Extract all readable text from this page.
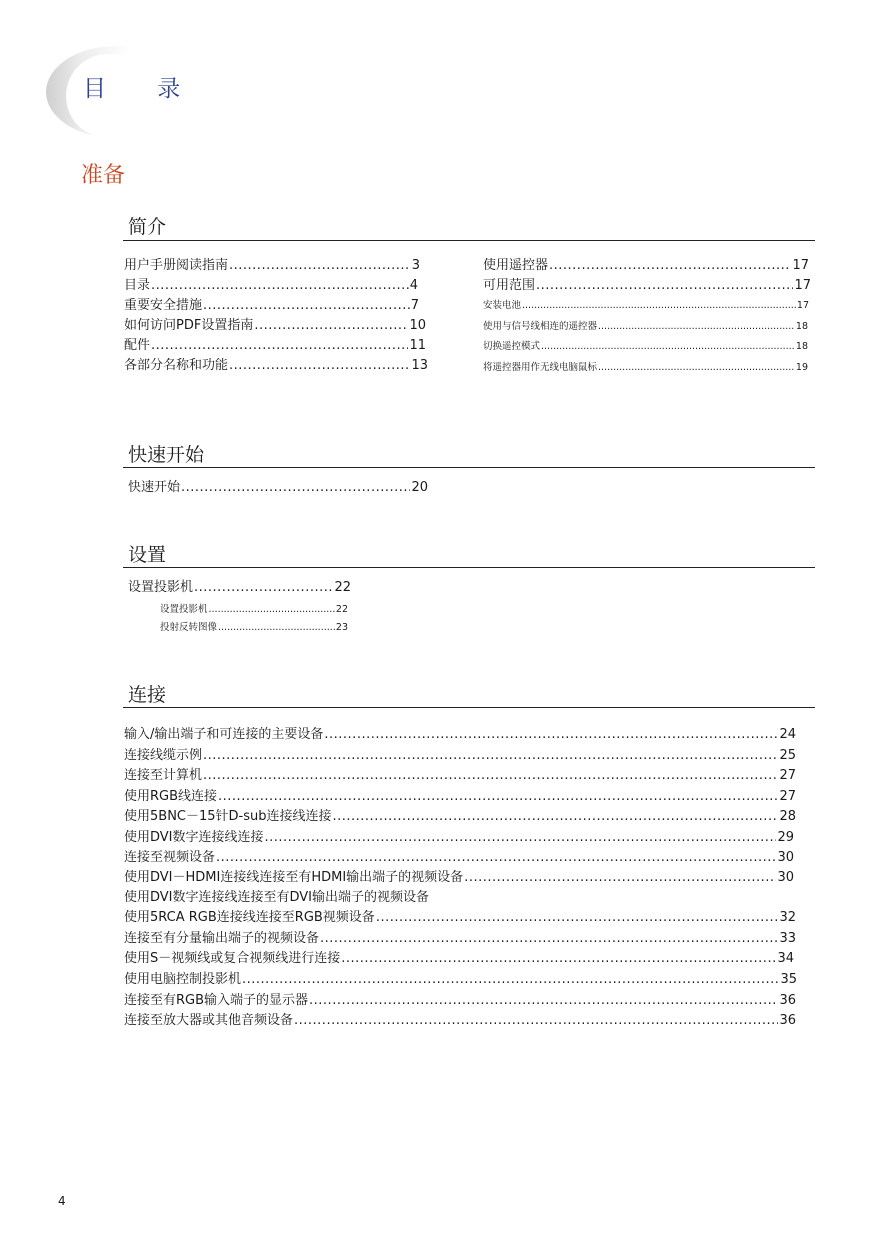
目 录
准备
简介
用户手册阅读指南 .....	3
目录 .....	4
重要安全措施 .....	7
如何访问PDF设置指南 .....	10
配件 .....	11
各部分名称和功能 .....	13
使用遥控器 .....	17
可用范围 .....	17
安装电池 .....	17
使用与信号线相连的遥控器 .....	18
切换遥控模式 .....	18
将遥控器用作无线电脑鼠标 .....	19
快速开始
快速开始 .....	20
设置
设置投影机 .....	22
设置投影机 .....	22
投射反转图像 .....	23
连接
输入/输出端子和可连接的主要设备 .....	24
连接线缆示例 .....	25
连接至计算机 .....	27
使用RGB线连接 .....	27
使用5BNC－15针D-sub连接线连接 .....	28
使用DVI数字连接线连接 .....	29
连接至视频设备 .....	30
使用DVI－HDMI连接线连接至有HDMI输出端子的视频设备 .....	30
使用DVI数字连接线连接至有DVI输出端子的视频设备
使用5RCA RGB连接线连接至RGB视频设备 .....	32
连接至有分量输出端子的视频设备 .....	33
使用S－视频线或复合视频线进行连接 .....	34
使用电脑控制投影机 .....	35
连接至有RGB输入端子的显示器 .....	36
连接至放大器或其他音频设备 .....	36
4
